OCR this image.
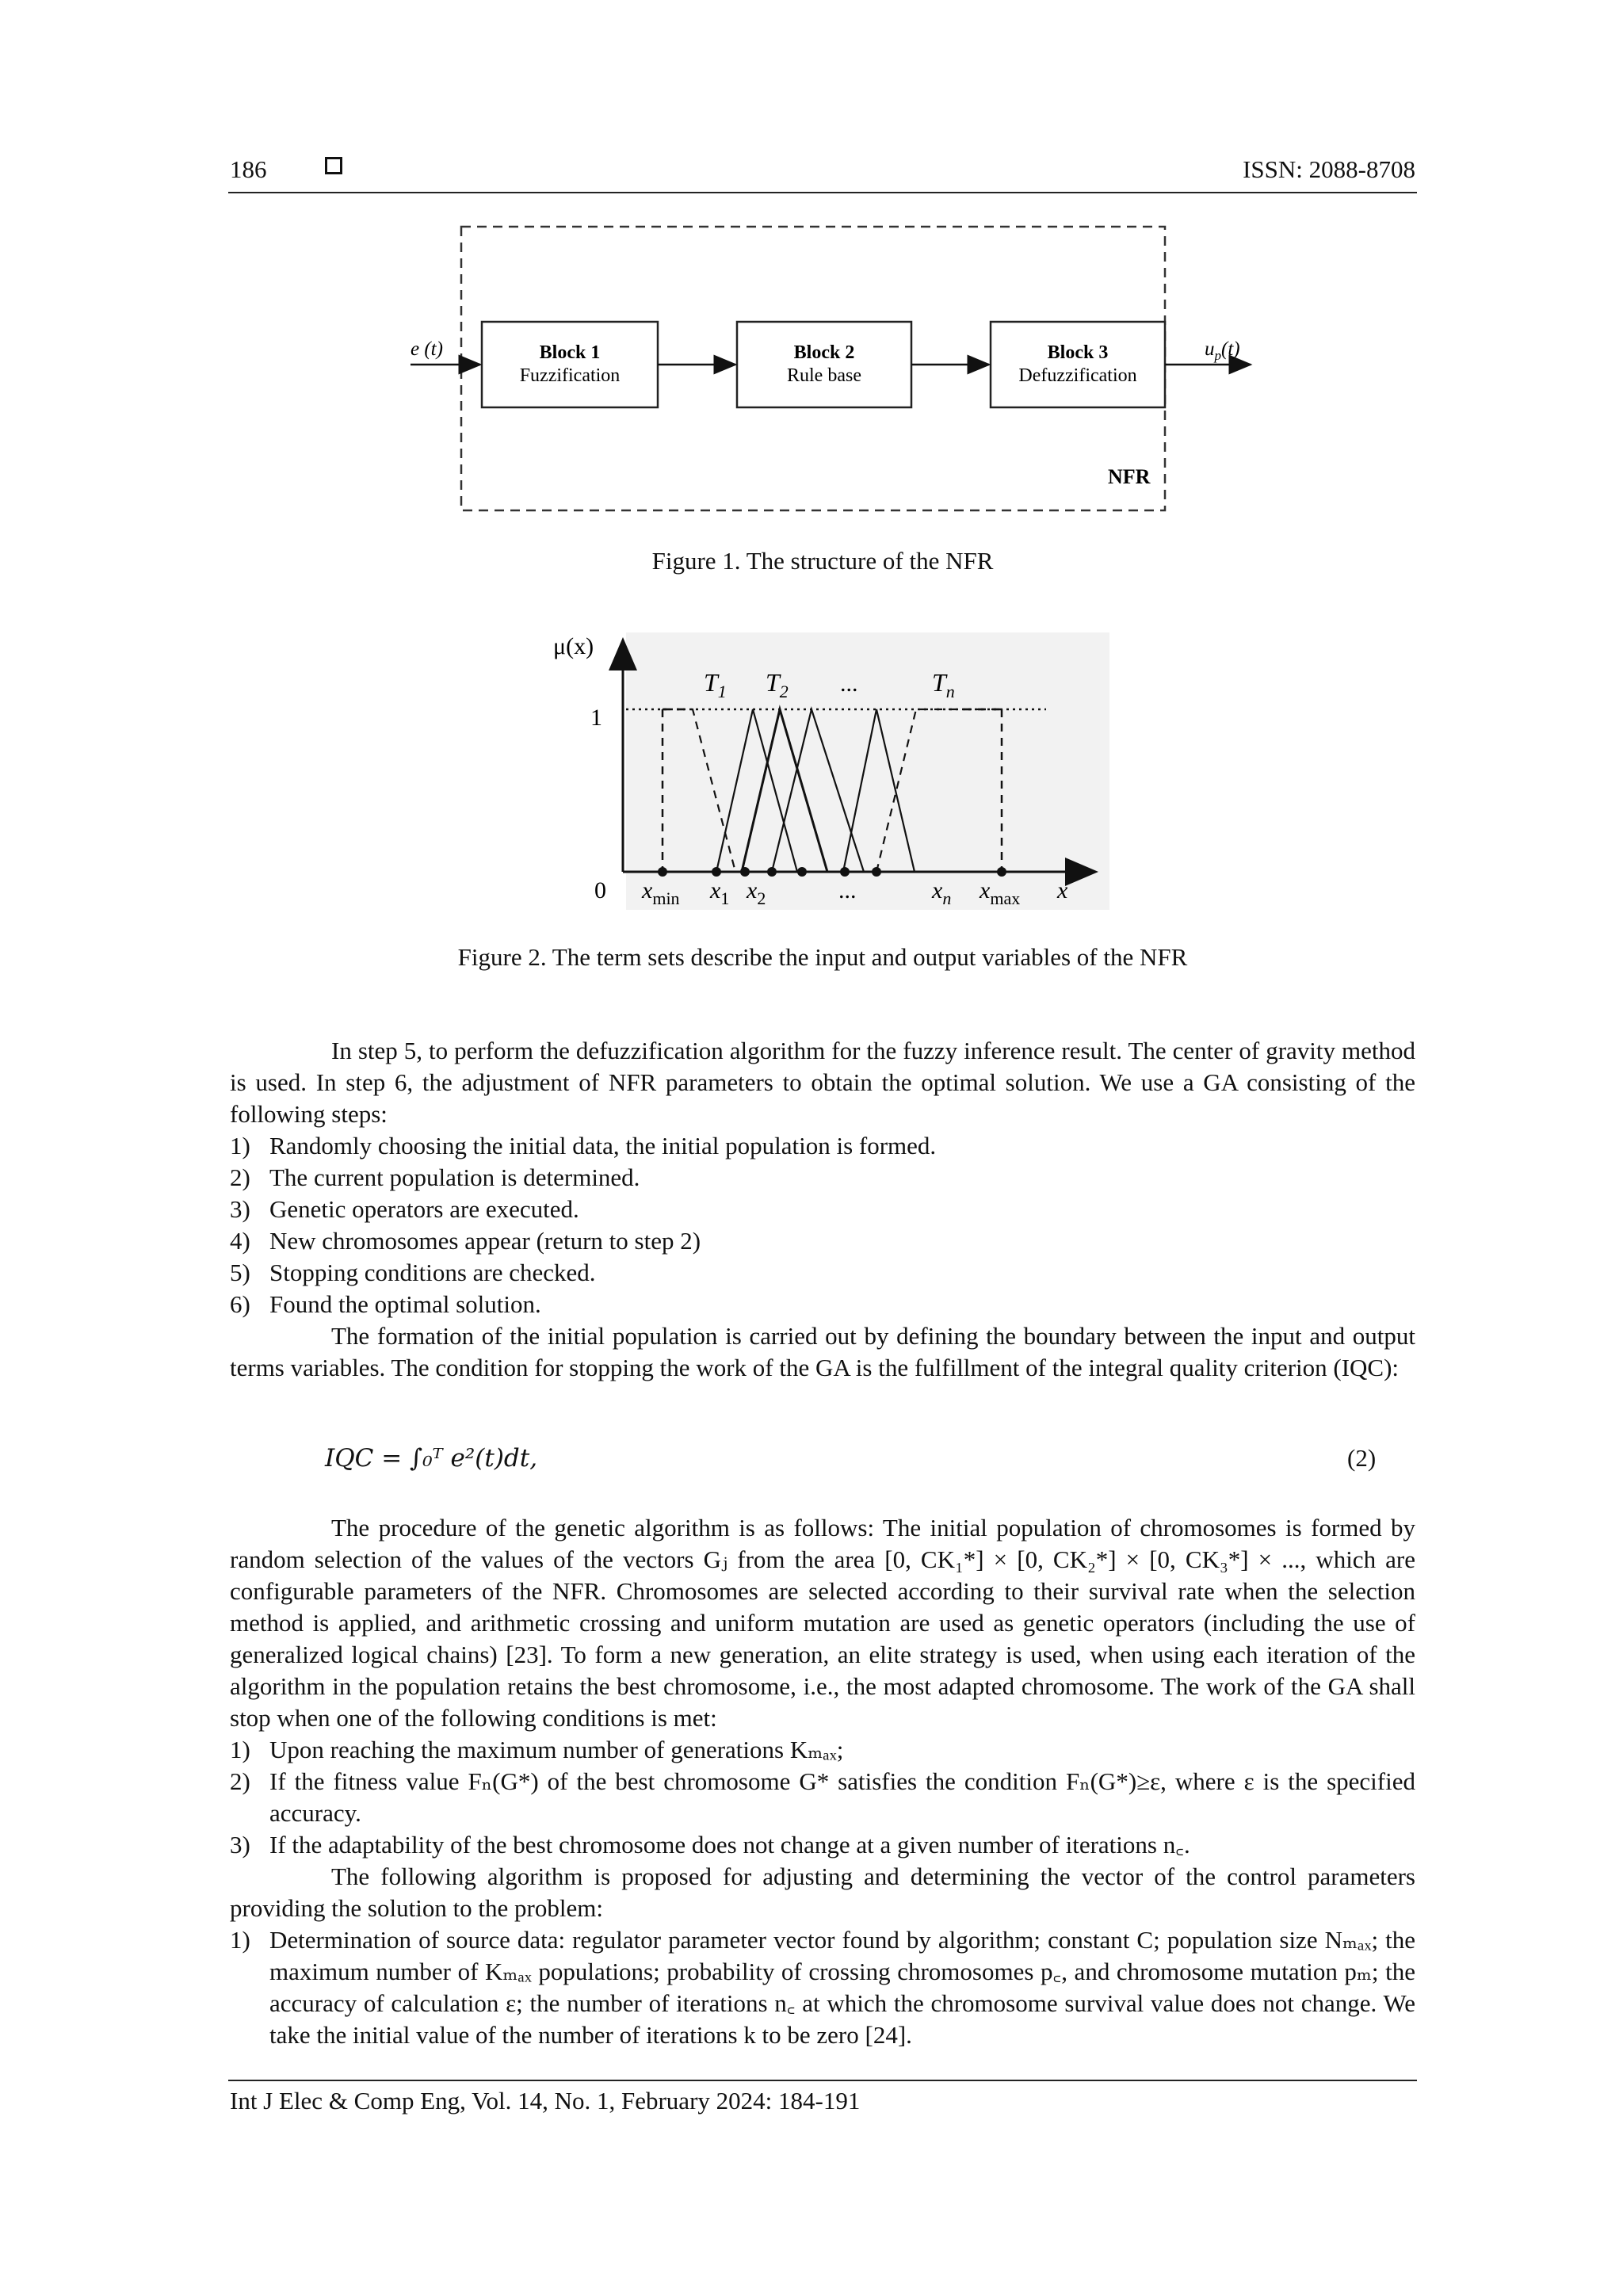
186	ISSN: 2088-8708
e (t)	$u_p(t)$
Block 1
Fuzzification
Block 2
Rule base
Block 3
Defuzzification
NFR
Figure 1. The structure of the NFR
μ(x)
1
0
$T_1$ $T_2$ ...	$T_n$
$x_{min}$ $x_1$ $x_2$	...	$x_n$ $x_{max}$ x
Figure 2. The term sets describe the input and output variables of the NFR
In step 5, to perform the defuzzification algorithm for the fuzzy inference result. The center of gravity method is used. In step 6, the adjustment of NFR parameters to obtain the optimal solution. We use a GA consisting of the following steps:
1) Randomly choosing the initial data, the initial population is formed.
2) The current population is determined.
3) Genetic operators are executed.
4) New chromosomes appear (return to step 2)
5) Stopping conditions are checked.
6) Found the optimal solution.
The formation of the initial population is carried out by defining the boundary between the input and output terms variables. The condition for stopping the work of the GA is the fulfillment of the integral quality criterion (IQC):
IQC = ∫₀ᵀ e²(t)dt,	(2)
The procedure of the genetic algorithm is as follows: The initial population of chromosomes is formed by random selection of the values of the vectors Gⱼ from the area [0, CK₁*] × [0, CK₂*] × [0, CK₃*] × ..., which are configurable parameters of the NFR. Chromosomes are selected according to their survival rate when the selection method is applied, and arithmetic crossing and uniform mutation are used as genetic operators (including the use of generalized logical chains) [23]. To form a new generation, an elite strategy is used, when using each iteration of the algorithm in the population retains the best chromosome, i.e., the most adapted chromosome. The work of the GA shall stop when one of the following conditions is met:
1) Upon reaching the maximum number of generations Kₘₐₓ;
2) If the fitness value Fₙ(G*) of the best chromosome G* satisfies the condition Fₙ(G*)≥ε, where ε is the specified accuracy.
3) If the adaptability of the best chromosome does not change at a given number of iterations n꜀.
The following algorithm is proposed for adjusting and determining the vector of the control parameters providing the solution to the problem:
1) Determination of source data: regulator parameter vector found by algorithm; constant C; population size Nₘₐₓ; the maximum number of Kₘₐₓ populations; probability of crossing chromosomes p꜀, and chromosome mutation pₘ; the accuracy of calculation ε; the number of iterations n꜀ at which the chromosome survival value does not change. We take the initial value of the number of iterations k to be zero [24].
Int J Elec & Comp Eng, Vol. 14, No. 1, February 2024: 184-191
